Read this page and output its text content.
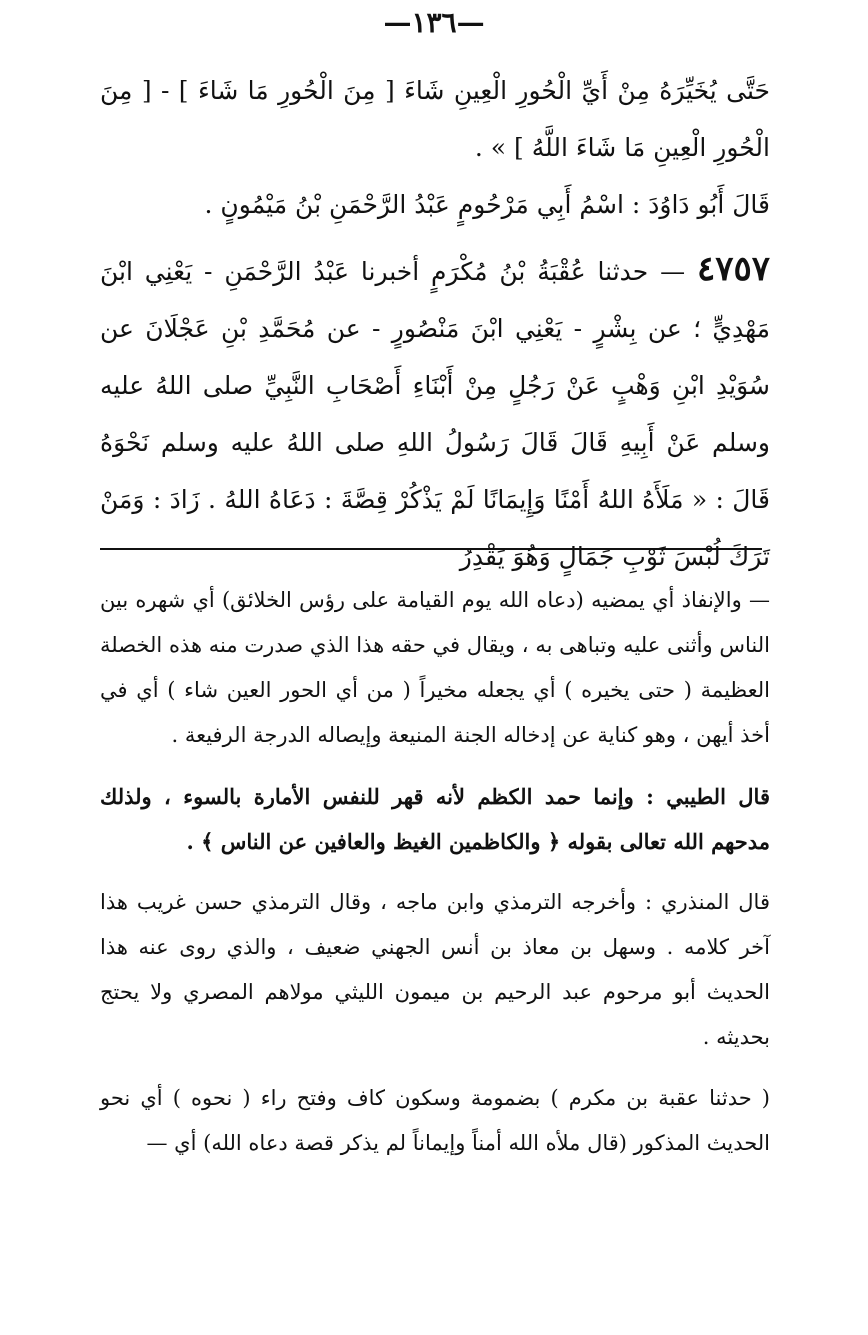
—١٣٦—

حَتَّى يُخَيِّرَهُ مِنْ أَيِّ الْحُورِ الْعِينِ شَاءَ [ مِنَ الْحُورِ مَا شَاءَ ] - [ مِنَ الْحُورِ الْعِينِ مَا شَاءَ اللَّهُ ] » .

قَالَ أَبُو دَاوُدَ : اسْمُ أَبِي مَرْحُومٍ عَبْدُ الرَّحْمَنِ بْنُ مَيْمُونٍ .

٤٧٥٧ — حدثنا عُقْبَةُ بْنُ مُكْرَمٍ أخبرنا عَبْدُ الرَّحْمَنِ - يَعْنِي ابْنَ مَهْدِيٍّ ؛ عن بِشْرٍ - يَعْنِي ابْنَ مَنْصُورٍ - عن مُحَمَّدِ بْنِ عَجْلَانَ عن سُوَيْدِ ابْنِ وَهْبٍ عَنْ رَجُلٍ مِنْ أَبْنَاءِ أَصْحَابِ النَّبِيِّ صلى اللهُ عليه وسلم عَنْ أَبِيهِ قَالَ قَالَ رَسُولُ اللهِ صلى اللهُ عليه وسلم نَحْوَهُ قَالَ : « مَلَأَهُ اللهُ أَمْنًا وَإِيمَانًا لَمْ يَذْكُرْ قِصَّةَ : دَعَاهُ اللهُ . زَادَ : وَمَنْ تَرَكَ لُبْسَ ثَوْبِ جَمَالٍ وَهُوَ يَقْدِرُ

— والإنفاذ أي يمضيه (دعاه الله يوم القيامة على رؤس الخلائق) أي شهره بين الناس وأثنى عليه وتباهى به ، ويقال في حقه هذا الذي صدرت منه هذه الخصلة العظيمة ( حتى يخيره ) أي يجعله مخيراً ( من أي الحور العين شاء ) أي في أخذ أيهن ، وهو كناية عن إدخاله الجنة المنيعة وإيصاله الدرجة الرفيعة .

قال الطيبي : وإنما حمد الكظم لأنه قهر للنفس الأمارة بالسوء ، ولذلك مدحهم الله تعالى بقوله ﴿ والكاظمين الغيظ والعافين عن الناس ﴾ .

قال المنذري : وأخرجه الترمذي وابن ماجه ، وقال الترمذي حسن غريب هذا آخر كلامه . وسهل بن معاذ بن أنس الجهني ضعيف ، والذي روى عنه هذا الحديث أبو مرحوم عبد الرحيم بن ميمون الليثي مولاهم المصري ولا يحتج بحديثه .

( حدثنا عقبة بن مكرم ) بضمومة وسكون كاف وفتح راء ( نحوه ) أي نحو الحديث المذكور (قال ملأه الله أمناً وإيماناً لم يذكر قصة دعاه الله) أي —
